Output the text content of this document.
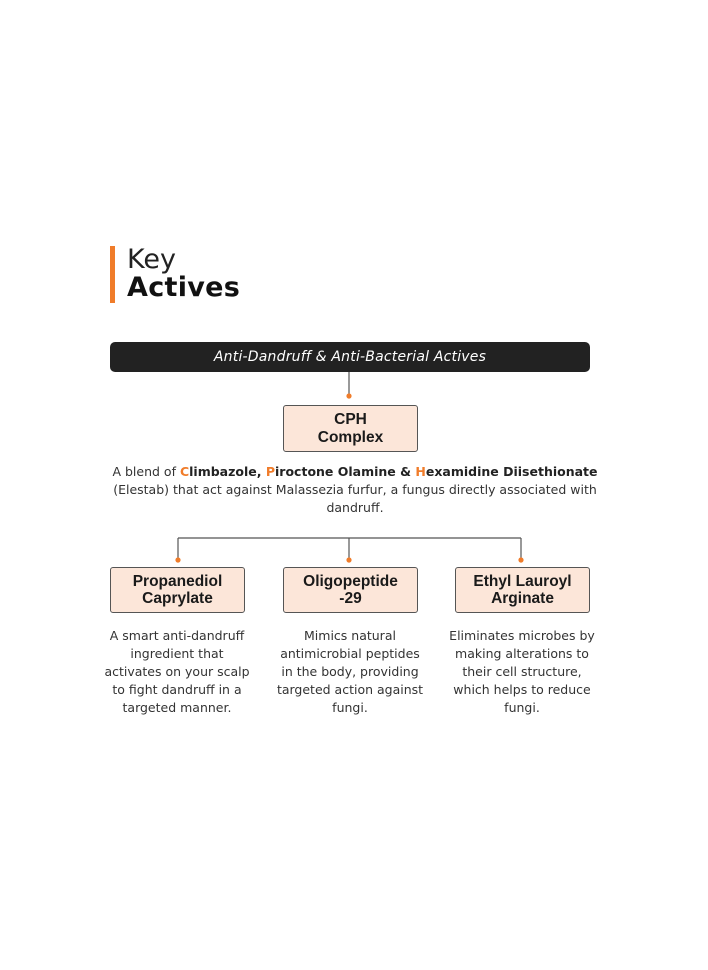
Key
Actives
Anti-Dandruff & Anti-Bacterial Actives
CPH
Complex
A blend of Climbazole, Piroctone Olamine & Hexamidine Diisethionate
(Elestab) that act against Malassezia furfur, a fungus directly associated with dandruff.
Propanediol
Caprylate
Oligopeptide
-29
Ethyl Lauroyl
Arginate
A smart anti-dandruff ingredient that activates on your scalp to fight dandruff in a targeted manner.
Mimics natural antimicrobial peptides in the body, providing targeted action against fungi.
Eliminates microbes by making alterations to their cell structure, which helps to reduce fungi.
